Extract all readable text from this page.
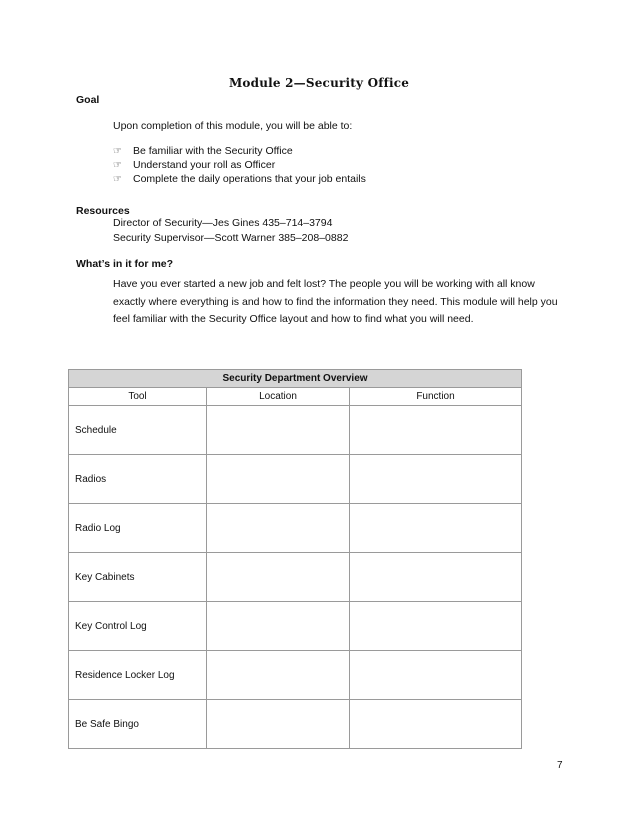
Module 2—Security Office
Goal
Upon completion of this module, you will be able to:
☞	Be familiar with the Security Office
☞	Understand your roll as Officer
☞	Complete the daily operations that your job entails
Resources
Director of Security—Jes Gines 435–714–3794
Security Supervisor—Scott Warner 385–208–0882
What’s in it for me?

Have you ever started a new job and felt lost? The people you will be working with all know exactly where everything is and how to find the information they need. This module will help you feel familiar with the Security Office layout and how to find what you will need.

Security Department Overview		
Tool	Location	Function
Schedule		
Radios		
Radio Log		
Key Cabinets		
Key Control Log		
Residence Locker Log		
Be Safe Bingo		
7
